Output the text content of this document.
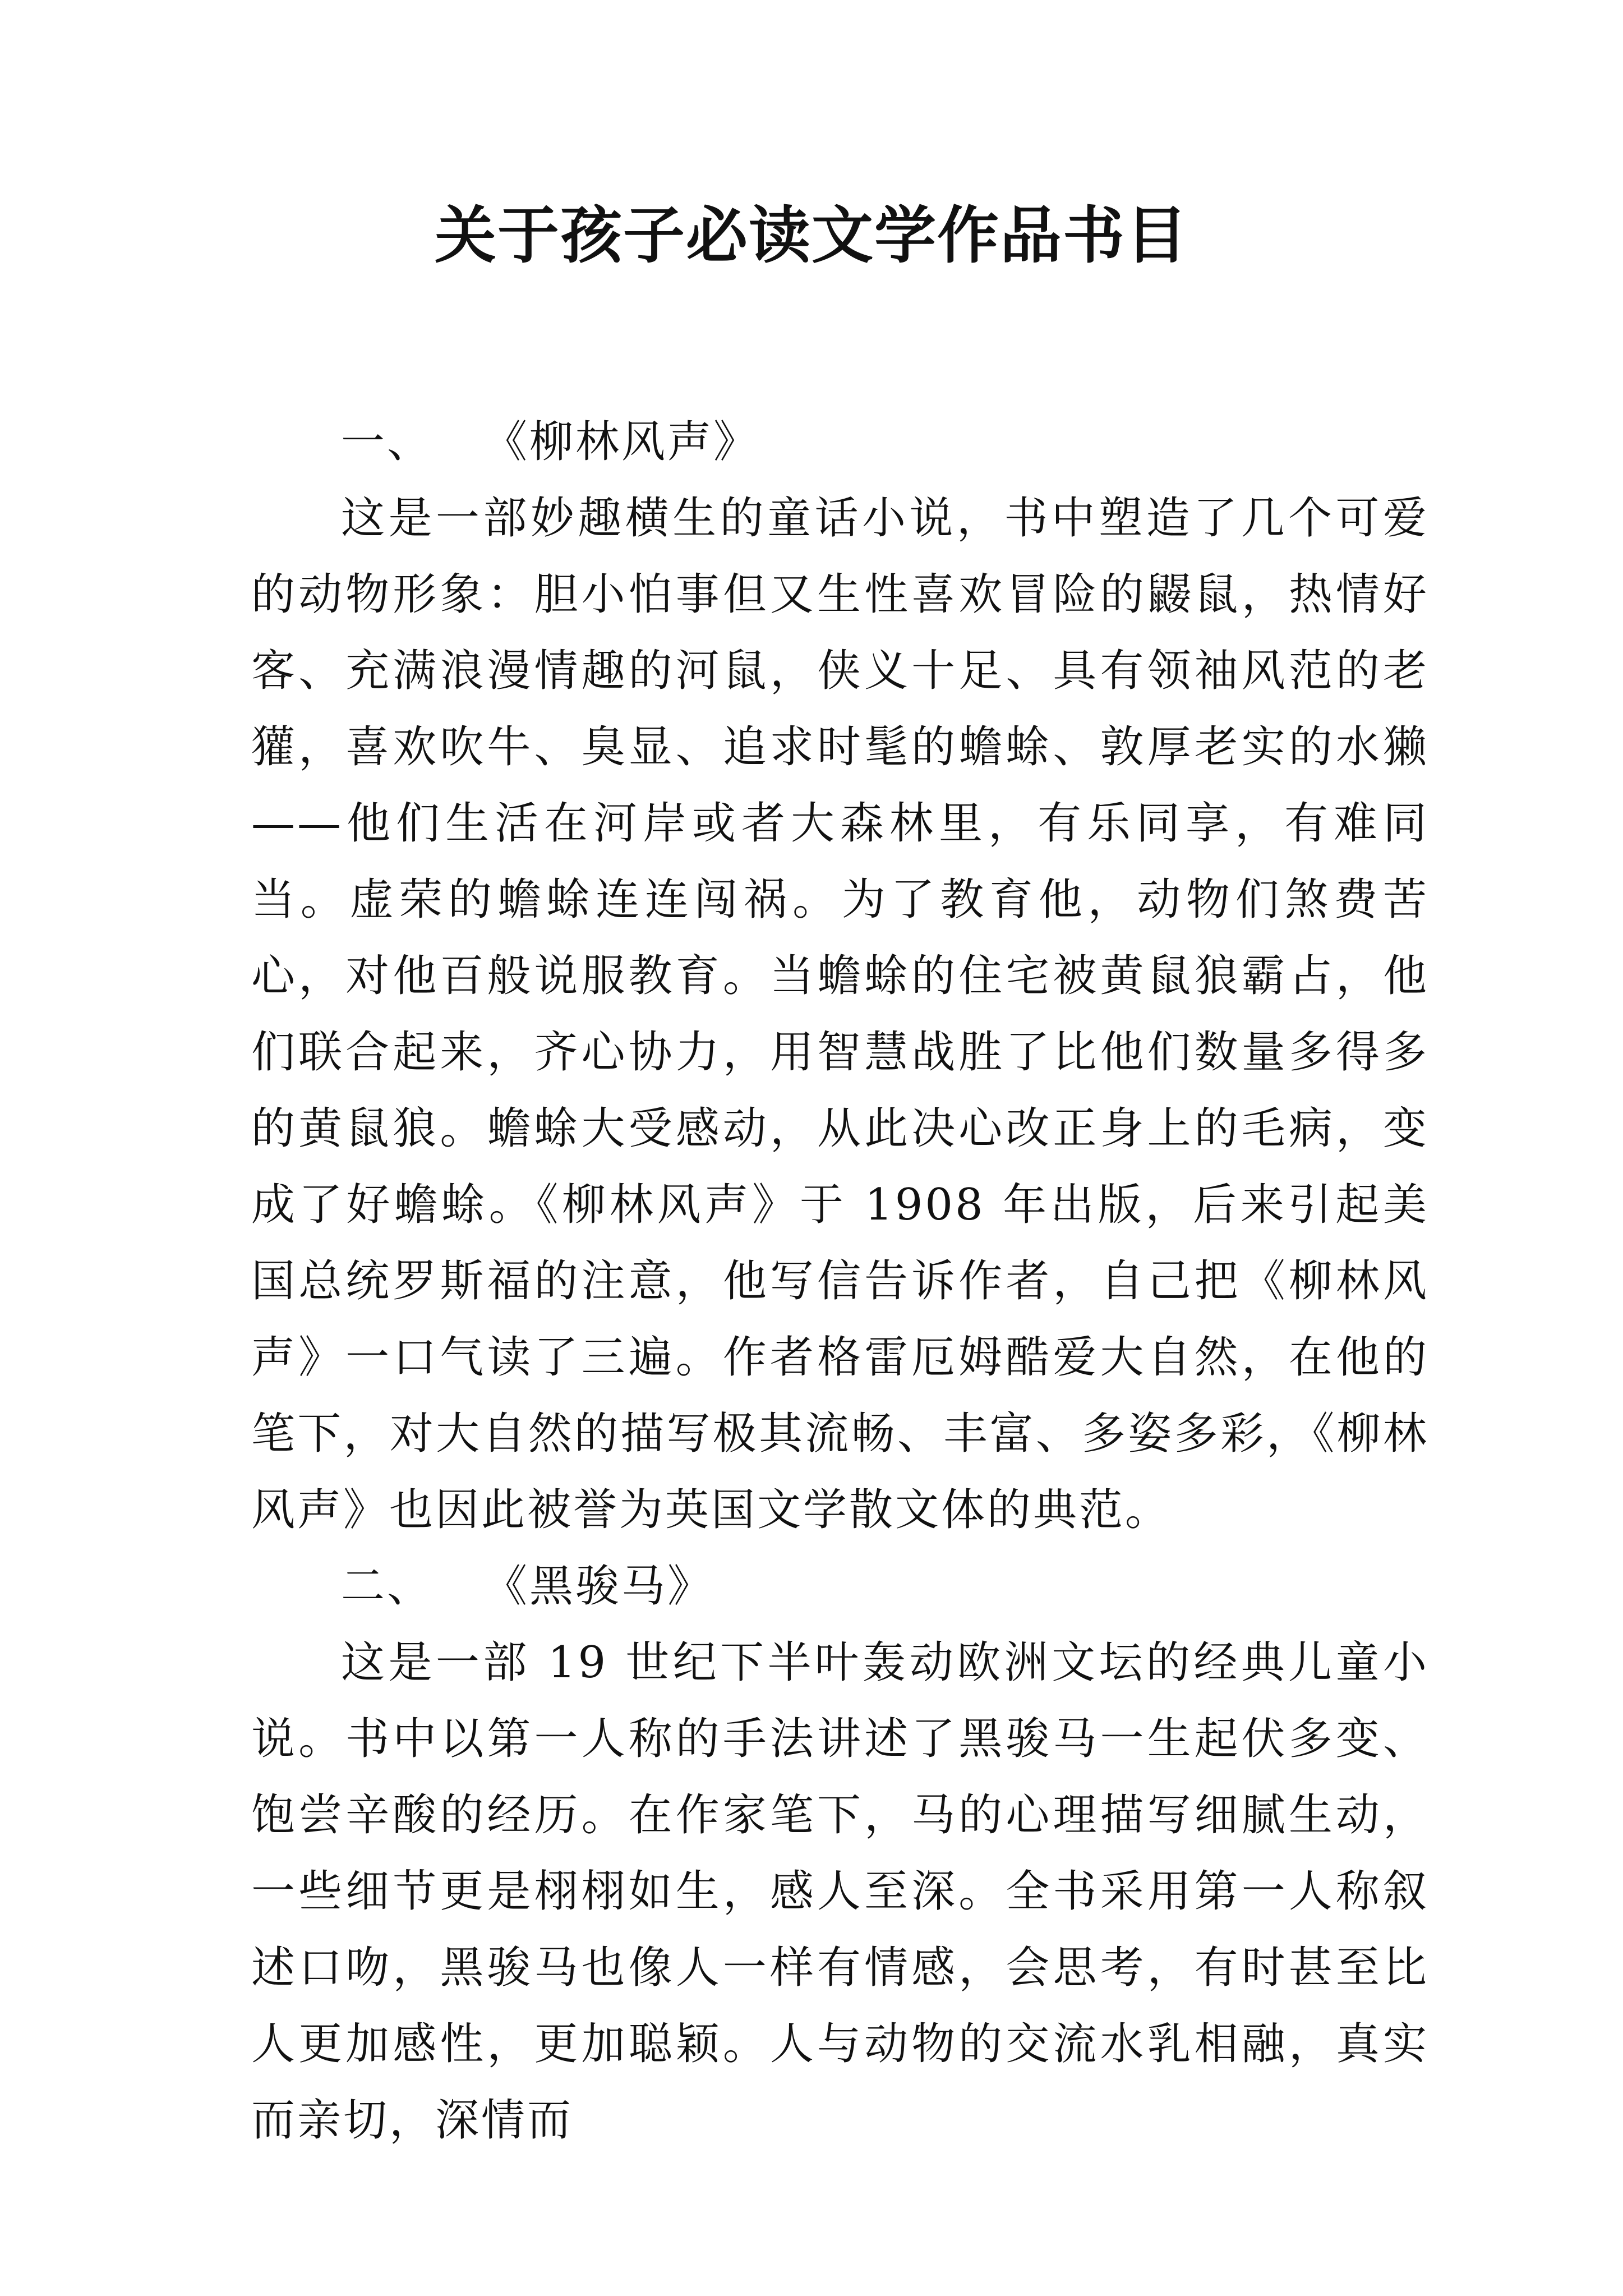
关于孩子必读文学作品书目

一、 《柳林风声》

这是一部妙趣横生的童话小说，书中塑造了几个可爱的动物形象：胆小怕事但又生性喜欢冒险的鼹鼠，热情好客、充满浪漫情趣的河鼠，侠义十足、具有领袖风范的老獾，喜欢吹牛、臭显、追求时髦的蟾蜍、敦厚老实的水獭——他们生活在河岸或者大森林里，有乐同享，有难同当。虚荣的蟾蜍连连闯祸。为了教育他，动物们煞费苦心，对他百般说服教育。当蟾蜍的住宅被黄鼠狼霸占，他们联合起来，齐心协力，用智慧战胜了比他们数量多得多的黄鼠狼。蟾蜍大受感动，从此决心改正身上的毛病，变成了好蟾蜍。《柳林风声》于 1908 年出版，后来引起美国总统罗斯福的注意，他写信告诉作者，自己把《柳林风声》一口气读了三遍。作者格雷厄姆酷爱大自然，在他的笔下，对大自然的描写极其流畅、丰富、多姿多彩，《柳林风声》也因此被誉为英国文学散文体的典范。

二、 《黑骏马》

这是一部 19 世纪下半叶轰动欧洲文坛的经典儿童小说。书中以第一人称的手法讲述了黑骏马一生起伏多变、饱尝辛酸的经历。在作家笔下，马的心理描写细腻生动，一些细节更是栩栩如生，感人至深。全书采用第一人称叙述口吻，黑骏马也像人一样有情感，会思考，有时甚至比人更加感性，更加聪颖。人与动物的交流水乳相融，真实而亲切，深情而
